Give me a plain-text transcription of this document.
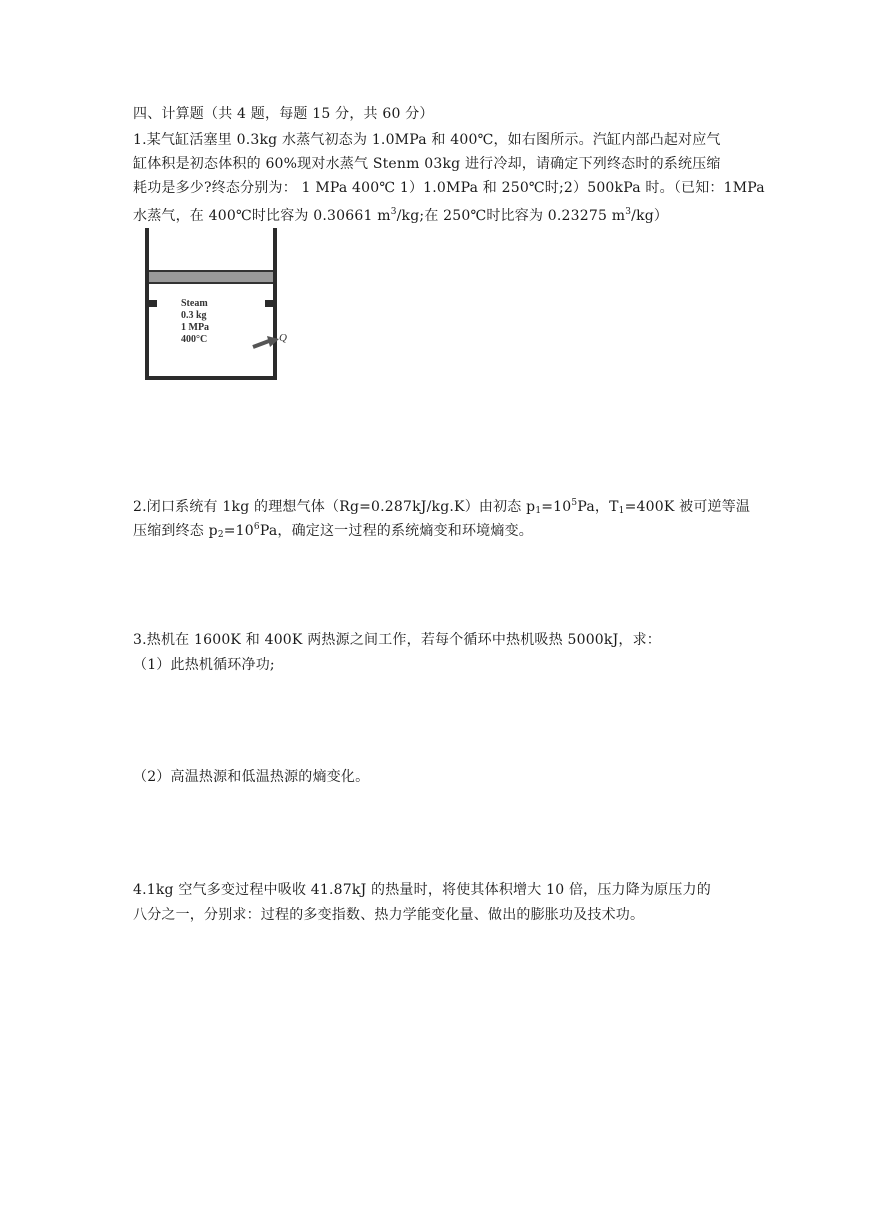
四、计算题（共 4 题，每题 15 分，共 60 分）
1.某气缸活塞里 0.3kg 水蒸气初态为 1.0MPa 和 400℃，如右图所示。汽缸内部凸起对应气
缸体积是初态体积的 60%现对水蒸气 Stenm 03kg 进行冷却，请确定下列终态时的系统压缩
耗功是多少?终态分别为： 1 MPa 400℃ 1）1.0MPa 和 250℃时;2）500kPa 时。（已知：1MPa
水蒸气，在 400℃时比容为 0.30661 $m^3/kg$;在 250℃时比容为 0.23275 $m^3/kg$）
Steam
0.3 kg
1 MPa
400°C	Q
2.闭口系统有 1kg 的理想气体（Rg=0.287kJ/kg.K）由初态 $p_1=10^5Pa$，$T_1=400K$ 被可逆等温
压缩到终态 $p_2=10^6Pa$，确定这一过程的系统熵变和环境熵变。
3.热机在 1600K 和 400K 两热源之间工作，若每个循环中热机吸热 5000kJ，求：
（1）此热机循环净功;
（2）高温热源和低温热源的熵变化。
4.1kg 空气多变过程中吸收 41.87kJ 的热量时，将使其体积增大 10 倍，压力降为原压力的
八分之一，分别求：过程的多变指数、热力学能变化量、做出的膨胀功及技术功。
